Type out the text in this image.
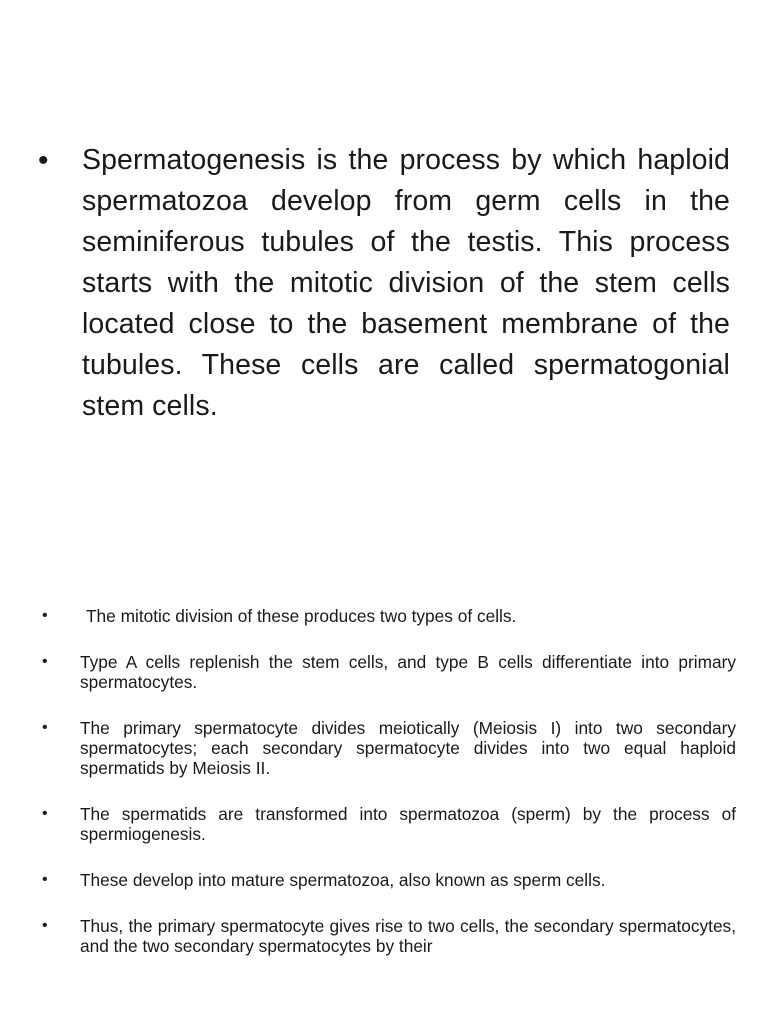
•	Spermatogenesis is the process by which haploid spermatozoa develop from germ cells in the seminiferous tubules of the testis. This process starts with the mitotic division of the stem cells located close to the basement membrane of the tubules. These cells are called spermatogonial stem cells.
•	The mitotic division of these produces two types of cells.
•	Type A cells replenish the stem cells, and type B cells differentiate into primary spermatocytes.
•	The primary spermatocyte divides meiotically (Meiosis I) into two secondary spermatocytes; each secondary spermatocyte divides into two equal haploid spermatids by Meiosis II.
•	The spermatids are transformed into spermatozoa (sperm) by the process of spermiogenesis.
•	These develop into mature spermatozoa, also known as sperm cells.
•	Thus, the primary spermatocyte gives rise to two cells, the secondary spermatocytes, and the two secondary spermatocytes by their
